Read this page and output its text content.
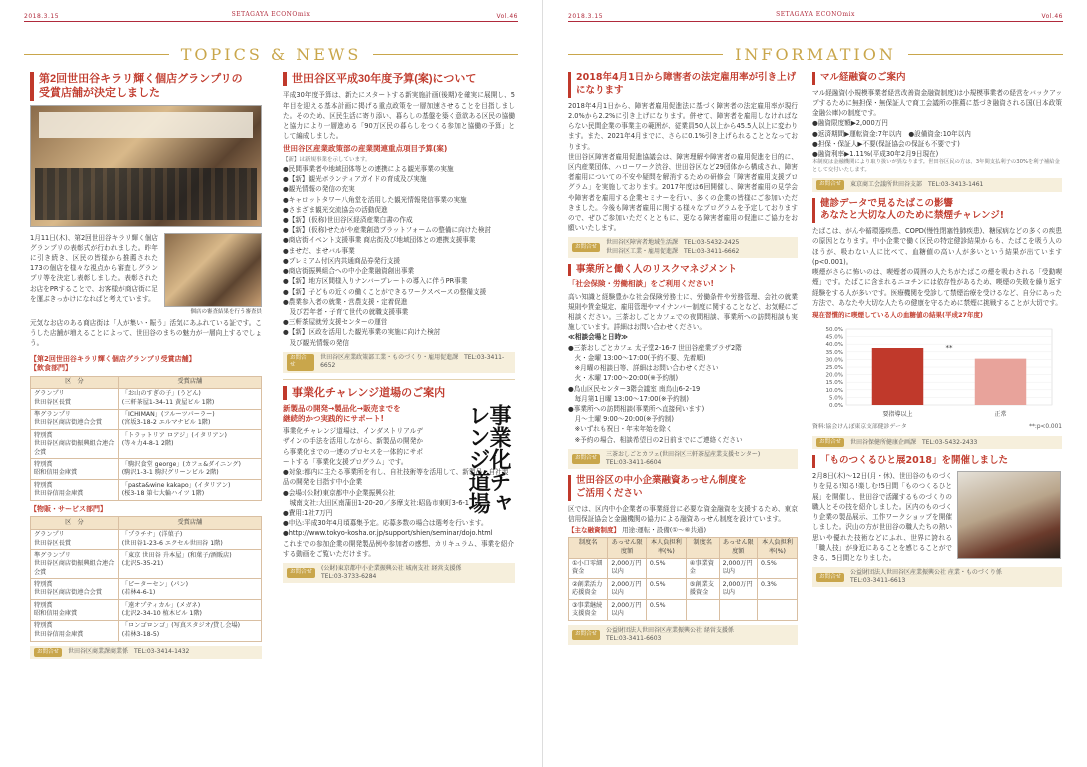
2018.3.15	SETAGAYA ECONOmix	Vol.46
TOPICS & NEWS
第2回世田谷キラリ輝く個店グランプリの
受賞店舗が決定しました
1月11日(木)、第2回世田谷キラリ輝く個店グランプリの表彰式が行われました。昨年に引き続き、区民の皆様から推薦された173の個店を様々な視点から審査しグランプリ等を決定し表彰しました。表彰されたお店をPRすることで、お客様が商店街に足を運ぶきっかけになればと考えています。
個店の審査結果を行う審査員
元気なお店のある商店街は「人が集い・賑う」活気にあふれている証です。こうした店舗が増えることによって、世田谷のまちの魅力が一層向上するでしょう。
【第2回世田谷キラリ輝く個店グランプリ受賞店舗】
【飲食部門】
区　分	受賞店舗
グランプリ
世田谷区長賞	「お山のすぎの子」(うどん)
(三軒茶屋1-34-11 黄屋ビル 1階)
準グランプリ
世田谷区商店街連合会賞	「ICHIMAN」(フルーツパーラー)
(宮坂3-18-2 エルマナビル 1階)
特別賞
世田谷区商店街振興組合連合会賞	「トラットリア ロアジ」(イタリアン)
(等々力4-8-1 2階)
特別賞
昭和信用金庫賞	「駒沢食堂 george」(カフェ&ダイニング)
(駒沢1-3-1 駒沢グリーンビル 2階)
特別賞
世田谷信用金庫賞	「pasta&wine kakapo」(イタリアン)
(桜3-18 第七大輪ハイツ 1階)
【物販・サービス部門】
区　分	受賞店舗
グランプリ
世田谷区長賞	「プラチナ」(洋菓子)
(世田谷1-23-6 エクセル世田谷 1階)
準グランプリ
世田谷区商店街振興組合連合会賞	「東京 世田谷 升本屋」(和菓子/酒販店)
(北沢5-35-21)
特別賞
世田谷区商店街連合会賞	「ピーターセン」(パン)
(若林4-6-1)
特別賞
昭和信用金庫賞	「遠オプティカル」(メガネ)
(北沢2-34-10 植木ビル 1階)
特別賞
世田谷信用金庫賞	「ロンゴロンゴ」(写真スタジオ/貸し会場)
(若林3-18-5)
お問合せ	世田谷区商業課商業係　TEL:03-3414-1432
世田谷区平成30年度予算(案)について
平成30年度予算は、新たにスタートする新実施計画(後期)を確実に展開し、5年目を迎える基本計画に掲げる重点政策を一層加速させることを目指しました。そのため、区民生活に寄り添い、暮らしの基盤を築く意欲ある区民の協働と協力により一層進める「90万区民の暮らしをつくる参加と協働の予算」として編成しました。
世田谷区産業政策部の産業関連重点項目予算(案)
【新】は新規事業を示しています。
●民間事業者や地域団体等との連携による観光事業の実施
●【新】観光ボランティアガイドの育成及び実施
●観光情報の発信の充実
●キャロットタワー八角堂を活用した観光情報発信事業の実施
●さまざま観光交流協会の活動促進
●【新】(仮称)世田谷区経済産業白書の作成
●【新】(仮称)せたがや産業創造プラットフォームの整備に向けた検討
●商店街イベント支援事業 商店街及び地域団体との連携支援事業
●ませだ、ませバル事業
●プレミアム付区内共通商品券発行支援
●商店街振興組合への中小企業融資創出事業
●【新】地方区間様入りナンバープレートの導入に伴うPR事業
●【新】子どもの近くの働くことができるワークスペースの整備支援
●農業参入者の就業・営農支援・定着促進
　及び若年者・子育て世代の就職支援事業
●三軒茶屋就労支援センターの運営
●【新】区政を活用した観光事業の実施に向けた検討
　及び観光情報の発信
お問合せ
世田谷区産業政策部工業・ものづくり・雇用促進課　TEL:03-3411-6652
事業化チャレンジ道場のご案内
新製品の開発→製品化→販売までを
継続的かつ実践的にサポート!
事業化チャレンジ道場は、インダストリアルデザインの手法を活用しながら、新製品の開発から事業化までの一連のプロセスを一体的にサポートする「事業化支援プログラム」です。	事業化チャレンジ道場
●対象:都内に主たる事業所を有し、自社技術等を活用して、新製品・自社製品の開発を目指す中小企業
●会場:(公財)東京都中小企業振興公社
　城南支社:大田区南蒲田1-20-20／多摩支社:昭島市東町3-6-1
●費用:1社7万円
●申込:平成30年4月頃募集予定。応募多数の場合は選考を行います。
●http://www.tokyo-kosha.or.jp/support/shien/seminar/dojo.html
これまでの参加企業の開発製品例や参加者の感想、カリキュラム、事業を紹介する動画をご覧いただけます。
お問合せ
(公財)東京都中小企業振興公社 城南支社 経営支援係
TEL:03-3733-6284
2018.3.15	SETAGAYA ECONOmix	Vol.46
INFORMATION
2018年4月1日から障害者の法定雇用率が引き上げになります
2018年4月1日から、障害者雇用促進法に基づく障害者の法定雇用率が現行2.0%から2.2%に引き上げになります。併せて、障害者を雇用しなければならない民間企業の事業主の範囲が、従業員50人以上から45.5人以上に変わります。また、2021年4月までに、さらに0.1%引き上げられることとなっております。
世田谷区障害者雇用促進協議会は、障害理解や障害者の雇用促進を目的に、区内産業団体、ハローワーク渋谷、世田谷区など29団体から構成され、障害者雇用についての不安や疑問を解消するための研修会「障害者雇用支援プログラム」を実施しております。2017年度は6回開催し、障害者雇用の見学会や障害者を雇用する企業セミナーを行い、多くの企業の皆様にご参加いただきました。今後も障害者雇用に関する様々なプログラムを予定しておりますので、ぜひご参加いただくとともに、更なる障害者雇用の促進にご協力をお願いいたします。
お問合せ
世田谷区障害者地域生活課　TEL:03-5432-2425
世田谷区工業・雇用促進課　TEL:03-3411-6662
事業所と働く人のリスクマネジメント
「社会保険・労働相談」をご利用ください!
高い知識と経験豊かな社会保険労務士に、労働条件や労務管理、会社の就業規則や賃金規定、雇用管理やマイナンバー制度に関することなど、お気軽にご相談ください。三茶おしごとカフェでの夜間相談、事業所への訪問相談も実施しています。詳細はお問い合わせください。
≪相談会場と日時≫
●三茶おしごとカフェ 太子堂2-16-7 世田谷産業プラザ2階
　火・金曜 13:00〜17:00(予約不要、先着順)
　※月曜の相談日等、詳細はお問い合わせください
　火・木曜 17:00〜20:00(※予約制)
●烏山区民センター3階会議室 南烏山6-2-19
　毎月第1日曜 13:00〜17:00(※予約制)
●事業所への訪問相談(事業所へ直接伺います)
　月〜土曜 9:00〜20:00(※予約制)
　※いずれも祝日・年末年始を除く
　※予約の場合、相談希望日の2日前までにご連絡ください
お問合せ
三茶おしごとカフェ(世田谷区三軒茶屋産業支援センター)
TEL:03-3411-6604
世田谷区の中小企業融資あっせん制度を
ご活用ください
区では、区内中小企業者の事業経営に必要な資金融資を支援するため、東京信用保証協会と金融機関の協力による融資あっせん制度を設けています。
【主な融資制度】 用途:運転・設備(①〜⑥共通)
制度名	あっせん限度額	本人負担利率(%)	制度名	あっせん限度額	本人負担利率(%)
①小口零細資金	2,000万円以内	0.5%	④事業資金	2,000万円以内	0.5%
②創業活力応援資金	2,000万円以内	0.5%	⑤創業支援資金	2,000万円以内	0.3%
③事業継続支援資金	2,000万円以内	0.5%			
お問合せ
公益財団法人世田谷区産業振興公社 経営支援係
TEL:03-3411-6603
マル経融資のご案内
マル経融資(小規模事業者経営改善資金融資制度)は小規模事業者の経営をバックアップするために無担保・無保証人で商工会議所の推薦に基づき融資される国(日本政策金融公庫)の制度です。
●融資限度額▶2,000万円
●返済期間▶運転資金:7年以内　●設備資金:10年以内
●担保・保証人▶不要(保証協会の保証も不要です)
●融資利率▶1.11%(平成30年2月9日現在)
本制度は金融機関により取り扱いが異なります。世田谷区民の方は、3年間支払利子の30%を利子補給金として交付いたします。
お問合せ	東京商工会議所世田谷支部　TEL:03-3413-1461
健診データで見るたばこの影響
あなたと大切な人のために禁煙チャレンジ!
たばこは、がんや循環器疾患、COPD(慢性閉塞性肺疾患)、糖尿病などの多くの疾患の原因となります。中小企業で働く区民の特定健診結果からも、たばこを吸う人のほうが、吸わない人に比べて、血糖値の高い人が多いという結果が出ています(p<0.001)。
喫煙がさらに怖いのは、喫煙者の周囲の人たちがたばこの煙を吸わされる「受動喫煙」です。たばこに含まれるニコチンには依存性があるため、喫煙の失敗を繰り返す経験をする人が多いです。医療機関を受診して禁煙治療を受けるなど、自分にあった方法で、あなたや大切な人たちの健康を守るために禁煙に挑戦することが大切です。
現在習慣的に喫煙している人の血糖値の結果(平成27年度)
0.0%
5.0%
10.0%
15.0%
20.0%
25.0%
30.0%
35.0%
40.0%
45.0%
50.0%
要指導以上	正常
**
資料:協会けんぽ東京支部健診データ	**:p<0.001
お問合せ	世田谷保健所健康企画課　TEL:03-5432-2433
「ものつくるひと展2018」を開催しました
2月8日(木)〜12日(月・休)、世田谷のものづくりを見る!知る!楽しむ!5日間「ものつくるひと展」を開催し、世田谷で活躍するものづくりの職人とその技を紹介しました。区内のものづくり企業の製品展示、工作ワークショップを開催しました。沢山の方が世田谷の職人たちの熱い思いや優れた技術などにふれ、世界に誇れる「職人技」が身近にあることを感じることができる、5日間となりました。
お問合せ
公益財団法人世田谷区産業振興公社 産業・ものづくり係
TEL:03-3411-6613
